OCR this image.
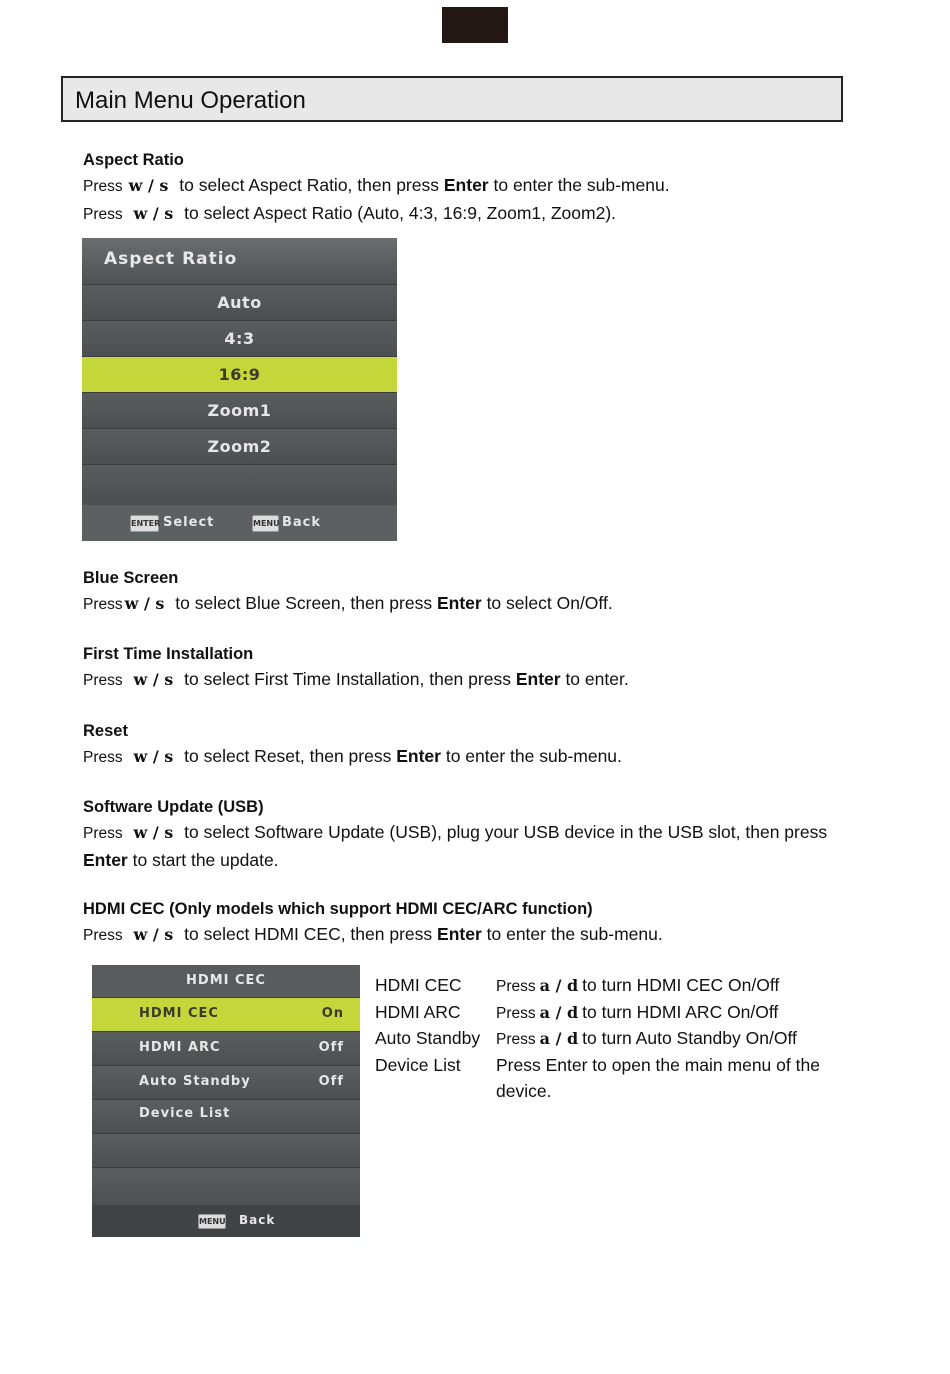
Main Menu Operation
Aspect Ratio
Press w / s to select Aspect Ratio, then press Enter to enter the sub-menu.
Press w / s to select Aspect Ratio (Auto, 4:3, 16:9, Zoom1, Zoom2).
Aspect Ratio
Auto
4:3
16:9
Zoom1
Zoom2
ENTER Select	MENU Back
Blue Screen
Press w / s to select Blue Screen, then press Enter to select On/Off.
First Time Installation
Press w / s to select First Time Installation, then press Enter to enter.
Reset
Press w / s to select Reset, then press Enter to enter the sub-menu.
Software Update (USB)
Press w / s to select Software Update (USB), plug your USB device in the USB slot, then press
Enter to start the update.
HDMI CEC (Only models which support HDMI CEC/ARC function)
Press w / s to select HDMI CEC, then press Enter to enter the sub-menu.
HDMI CEC
HDMI CEC	On
HDMI ARC	Off
Auto Standby	Off
Device List
MENU Back
HDMI CEC Press a / d to turn HDMI CEC On/Off
HDMI ARC Press a / d to turn HDMI ARC On/Off
Auto Standby Press a / d to turn Auto Standby On/Off
Device List Press Enter to open the main menu of the
device.
